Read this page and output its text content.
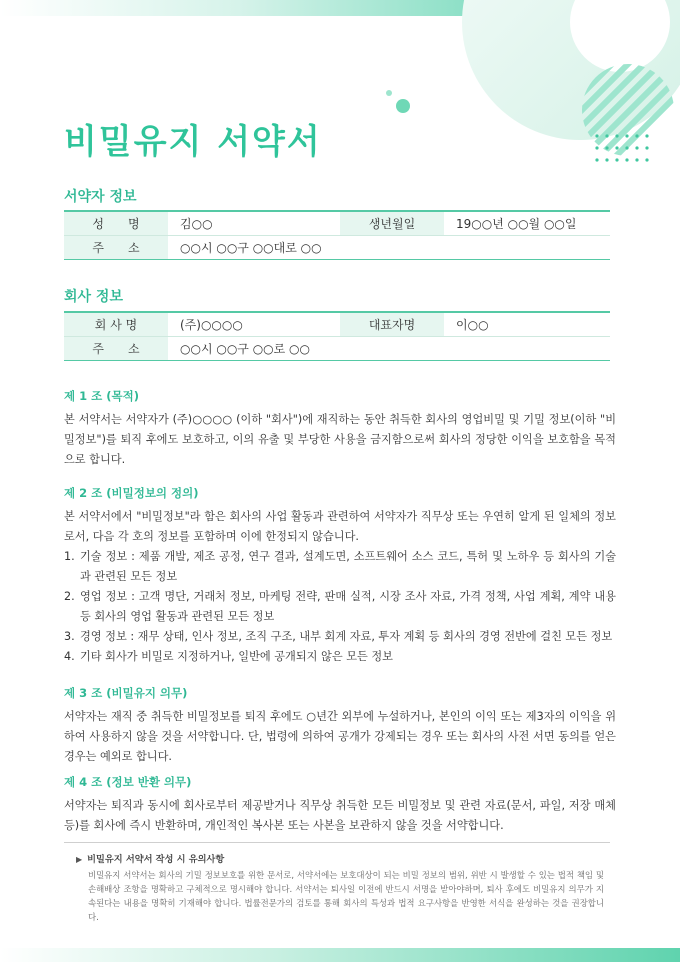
비밀유지 서약서
서약자 정보
성　　명	김○○	생년월일	19○○년 ○○월 ○○일
주　　소	○○시 ○○구 ○○대로 ○○		
회사 정보
회 사 명	(주)○○○○	대표자명	이○○
주　　소	○○시 ○○구 ○○로 ○○		

제 1 조 (목적)

본 서약서는 서약자가 (주)○○○○ (이하 "회사")에 재직하는 동안 취득한 회사의 영업비밀 및 기밀 정보(이하 "비밀정보")를 퇴직 후에도 보호하고, 이의 유출 및 부당한 사용을 금지함으로써 회사의 정당한 이익을 보호함을 목적으로 합니다.

제 2 조 (비밀정보의 정의)

본 서약서에서 "비밀정보"라 함은 회사의 사업 활동과 관련하여 서약자가 직무상 또는 우연히 알게 된 일체의 정보로서, 다음 각 호의 정보를 포함하며 이에 한정되지 않습니다.

1. 기술 정보 : 제품 개발, 제조 공정, 연구 결과, 설계도면, 소프트웨어 소스 코드, 특허 및 노하우 등 회사의 기술과 관련된 모든 정보
2. 영업 정보 : 고객 명단, 거래처 정보, 마케팅 전략, 판매 실적, 시장 조사 자료, 가격 정책, 사업 계획, 계약 내용 등 회사의 영업 활동과 관련된 모든 정보
3. 경영 정보 : 재무 상태, 인사 정보, 조직 구조, 내부 회계 자료, 투자 계획 등 회사의 경영 전반에 걸친 모든 정보
4. 기타 회사가 비밀로 지정하거나, 일반에 공개되지 않은 모든 정보

제 3 조 (비밀유지 의무)

서약자는 재직 중 취득한 비밀정보를 퇴직 후에도 ○년간 외부에 누설하거나, 본인의 이익 또는 제3자의 이익을 위하여 사용하지 않을 것을 서약합니다. 단, 법령에 의하여 공개가 강제되는 경우 또는 회사의 사전 서면 동의를 얻은 경우는 예외로 합니다.

제 4 조 (정보 반환 의무)

서약자는 퇴직과 동시에 회사로부터 제공받거나 직무상 취득한 모든 비밀정보 및 관련 자료(문서, 파일, 저장 매체 등)를 회사에 즉시 반환하며, 개인적인 복사본 또는 사본을 보관하지 않을 것을 서약합니다.

▶ 비밀유지 서약서 작성 시 유의사항

비밀유지 서약서는 회사의 기밀 정보보호를 위한 문서로, 서약서에는 보호대상이 되는 비밀 정보의 범위, 위반 시 발생할 수 있는 법적 책임 및 손해배상 조항을 명확하고 구체적으로 명시해야 합니다. 서약서는 퇴사일 이전에 반드시 서명을 받아야하며, 퇴사 후에도 비밀유지 의무가 지속된다는 내용을 명확히 기재해야 합니다. 법률전문가의 검토를 통해 회사의 특성과 법적 요구사항을 반영한 서식을 완성하는 것을 권장합니다.
